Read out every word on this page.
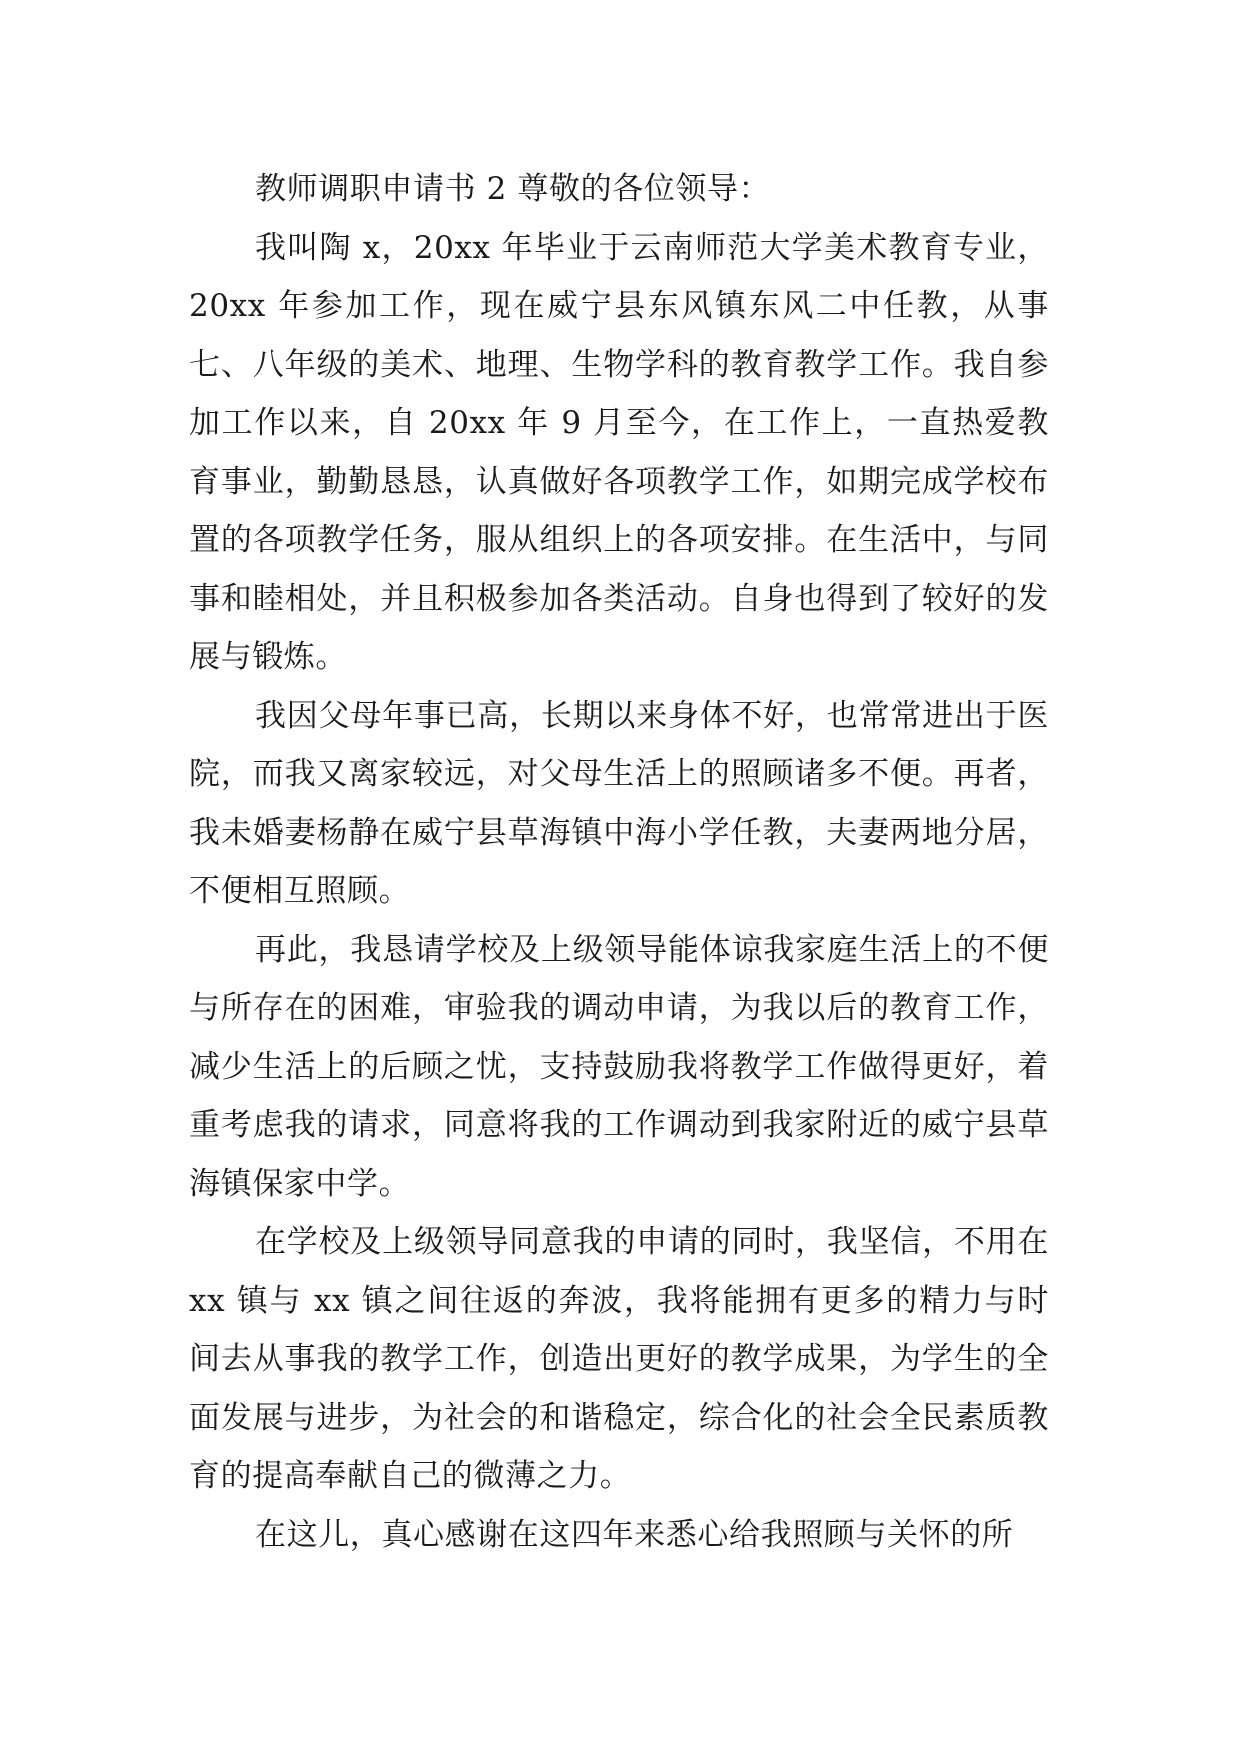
教师调职申请书 2 尊敬的各位领导：

我叫陶 x，20xx 年毕业于云南师范大学美术教育专业，20xx 年参加工作，现在威宁县东风镇东风二中任教，从事七、八年级的美术、地理、生物学科的教育教学工作。我自参加工作以来，自 20xx 年 9 月至今，在工作上，一直热爱教育事业，勤勤恳恳，认真做好各项教学工作，如期完成学校布置的各项教学任务，服从组织上的各项安排。在生活中，与同事和睦相处，并且积极参加各类活动。自身也得到了较好的发展与锻炼。

我因父母年事已高，长期以来身体不好，也常常进出于医院，而我又离家较远，对父母生活上的照顾诸多不便。再者，我未婚妻杨静在威宁县草海镇中海小学任教，夫妻两地分居，不便相互照顾。

再此，我恳请学校及上级领导能体谅我家庭生活上的不便与所存在的困难，审验我的调动申请，为我以后的教育工作，减少生活上的后顾之忧，支持鼓励我将教学工作做得更好，着重考虑我的请求，同意将我的工作调动到我家附近的威宁县草海镇保家中学。

在学校及上级领导同意我的申请的同时，我坚信，不用在 xx 镇与 xx 镇之间往返的奔波，我将能拥有更多的精力与时间去从事我的教学工作，创造出更好的教学成果，为学生的全面发展与进步，为社会的和谐稳定，综合化的社会全民素质教育的提高奉献自己的微薄之力。

在这儿，真心感谢在这四年来悉心给我照顾与关怀的所
